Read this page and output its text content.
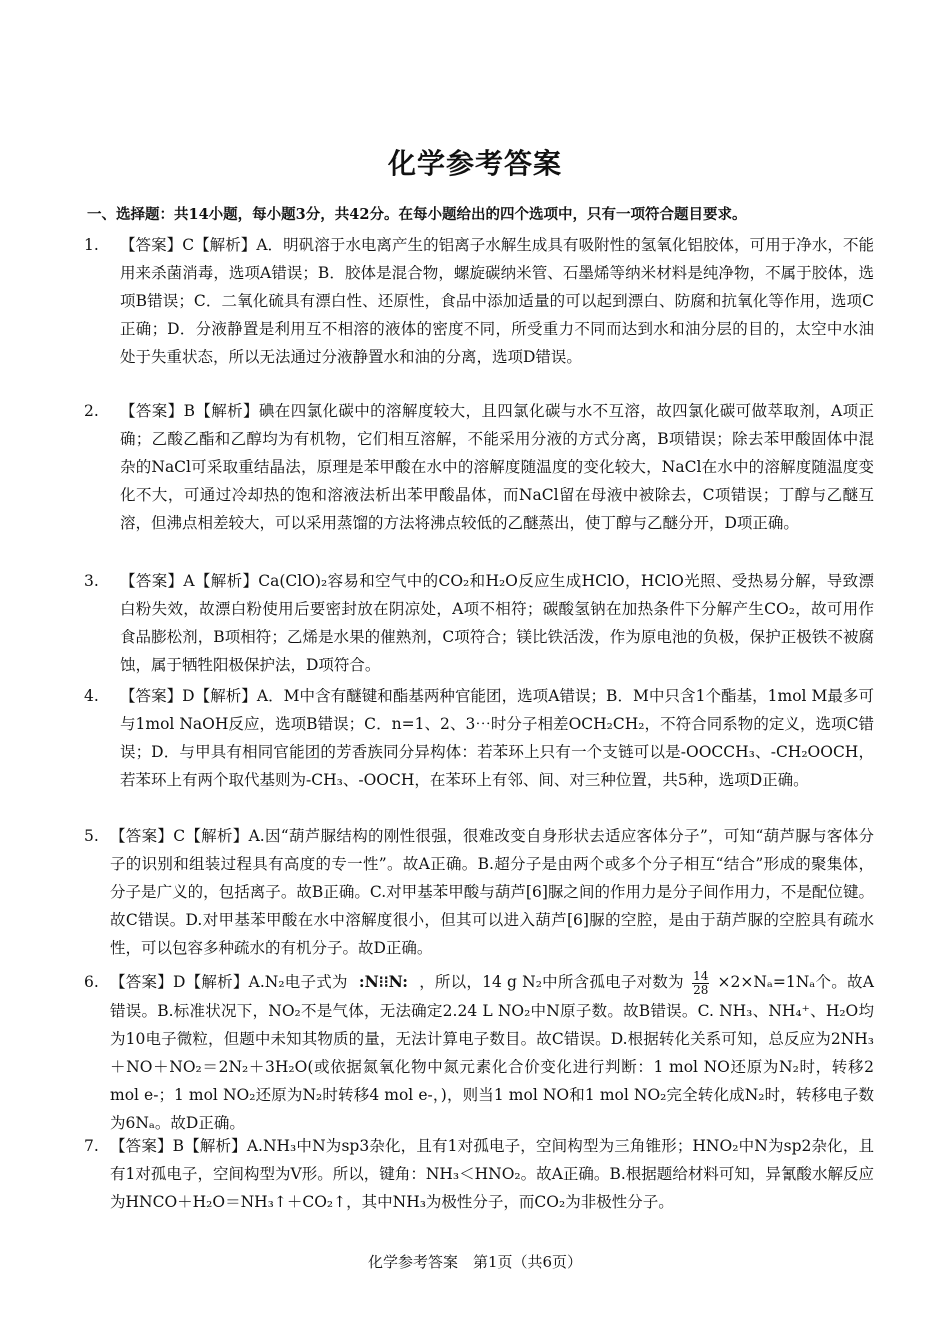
化学参考答案
一、选择题：共14小题，每小题3分，共42分。在每小题给出的四个选项中，只有一项符合题目要求。
1.	【答案】C【解析】A．明矾溶于水电离产生的铝离子水解生成具有吸附性的氢氧化铝胶体，可用于净水，不能用来杀菌消毒，选项A错误；B．胶体是混合物，螺旋碳纳米管、石墨烯等纳米材料是纯净物，不属于胶体，选项B错误；C．二氧化硫具有漂白性、还原性，食品中添加适量的可以起到漂白、防腐和抗氧化等作用，选项C正确；D．分液静置是利用互不相溶的液体的密度不同，所受重力不同而达到水和油分层的目的，太空中水油处于失重状态，所以无法通过分液静置水和油的分离，选项D错误。
2.	【答案】B【解析】碘在四氯化碳中的溶解度较大，且四氯化碳与水不互溶，故四氯化碳可做萃取剂，A项正确；乙酸乙酯和乙醇均为有机物，它们相互溶解，不能采用分液的方式分离，B项错误；除去苯甲酸固体中混杂的NaCl可采取重结晶法，原理是苯甲酸在水中的溶解度随温度的变化较大，NaCl在水中的溶解度随温度变化不大，可通过冷却热的饱和溶液法析出苯甲酸晶体，而NaCl留在母液中被除去，C项错误；丁醇与乙醚互溶，但沸点相差较大，可以采用蒸馏的方法将沸点较低的乙醚蒸出，使丁醇与乙醚分开，D项正确。
3.	【答案】A【解析】Ca(ClO)₂容易和空气中的CO₂和H₂O反应生成HClO，HClO光照、受热易分解，导致漂白粉失效，故漂白粉使用后要密封放在阴凉处，A项不相符；碳酸氢钠在加热条件下分解产生CO₂，故可用作食品膨松剂，B项相符；乙烯是水果的催熟剂，C项符合；镁比铁活泼，作为原电池的负极，保护正极铁不被腐蚀，属于牺牲阳极保护法，D项符合。
4.	【答案】D【解析】A．M中含有醚键和酯基两种官能团，选项A错误；B．M中只含1个酯基，1mol M最多可与1mol NaOH反应，选项B错误；C．n=1、2、3⋯时分子相差OCH₂CH₂，不符合同系物的定义，选项C错误；D．与甲具有相同官能团的芳香族同分异构体：若苯环上只有一个支链可以是-OOCCH₃、-CH₂OOCH，若苯环上有两个取代基则为-CH₃、-OOCH，在苯环上有邻、间、对三种位置，共5种，选项D正确。
5. 【答案】C【解析】A.因“葫芦脲结构的刚性很强，很难改变自身形状去适应客体分子”，可知“葫芦脲与客体分子的识别和组装过程具有高度的专一性”。故A正确。B.超分子是由两个或多个分子相互“结合”形成的聚集体，分子是广义的，包括离子。故B正确。C.对甲基苯甲酸与葫芦[6]脲之间的作用力是分子间作用力，不是配位键。故C错误。D.对甲基苯甲酸在水中溶解度很小，但其可以进入葫芦[6]脲的空腔，是由于葫芦脲的空腔具有疏水性，可以包容多种疏水的有机分子。故D正确。
6. 【答案】D【解析】A.N₂电子式为 :N⁝⁝N: ，所以，14 g N₂中所含孤电子对数为 $\frac{14}{28} \times 2\times N_a=1N_a$个。故A错误。B.标准状况下，NO₂不是气体，无法确定2.24 L NO₂中N原子数。故B错误。C. NH₃、NH₄⁺、H₂O均为10电子微粒，但题中未知其物质的量，无法计算电子数目。故C错误。D.根据转化关系可知，总反应为2NH₃＋NO＋NO₂＝2N₂＋3H₂O(或依据氮氧化物中氮元素化合价变化进行判断：1 mol NO还原为N₂时，转移2 mol e-；1 mol NO₂还原为N₂时转移4 mol e-，)，则当1 mol NO和1 mol NO₂完全转化成N₂时，转移电子数为6Nₐ。故D正确。
7. 【答案】B【解析】A.NH₃中N为sp3杂化，且有1对孤电子，空间构型为三角锥形；HNO₂中N为sp2杂化，且有1对孤电子，空间构型为V形。所以，键角：NH₃＜HNO₂。故A正确。B.根据题给材料可知，异氰酸水解反应为HNCO＋H₂O＝NH₃↑＋CO₂↑，其中NH₃为极性分子，而CO₂为非极性分子。
化学参考答案　第1页（共6页）
